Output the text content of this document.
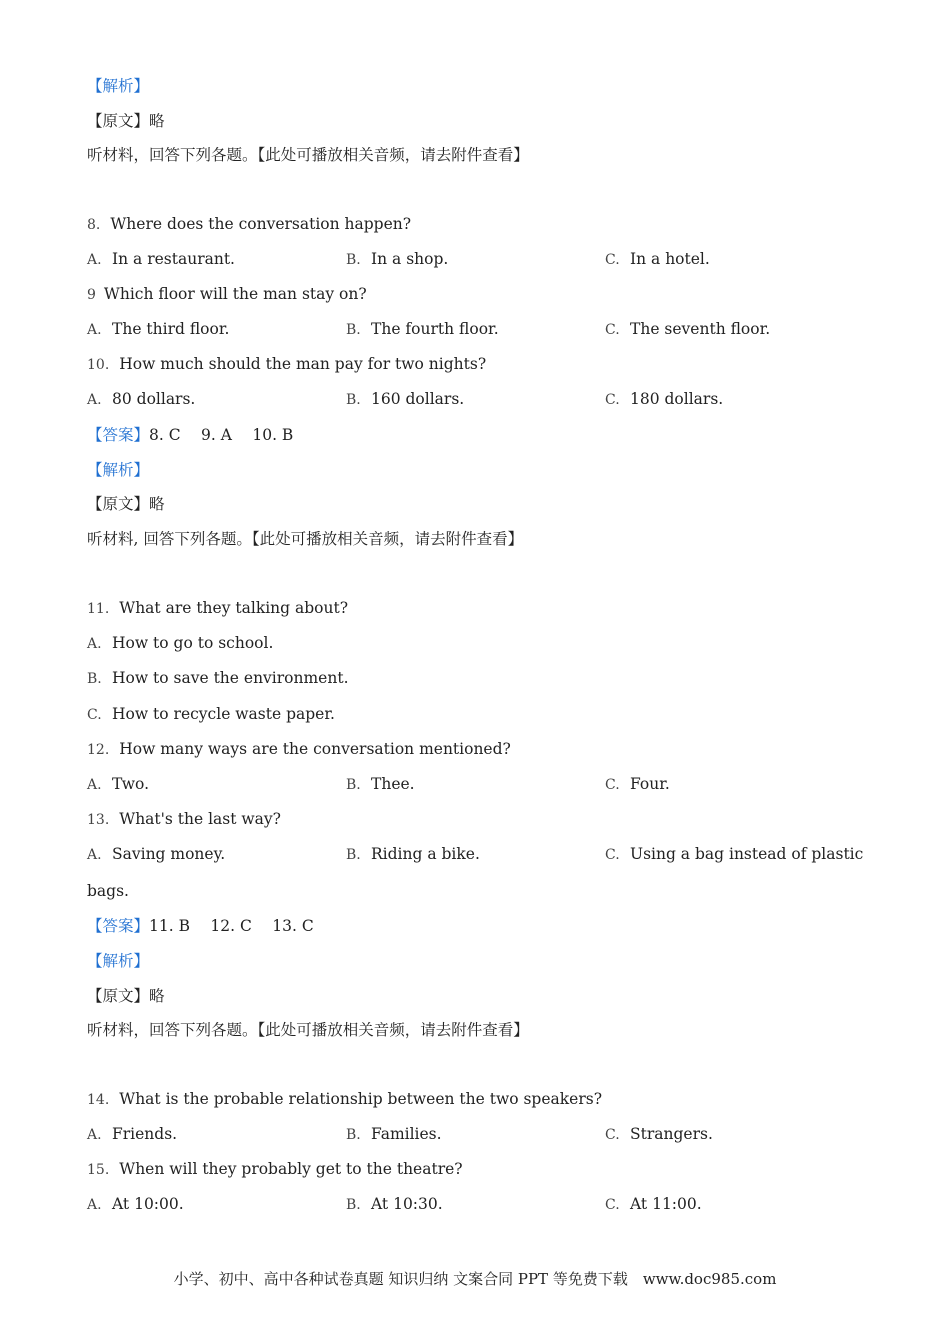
【解析】
【原文】略
听材料，回答下列各题。【此处可播放相关音频，请去附件查看】
8. Where does the conversation happen?
A. In a restaurant.	B. In a shop.	C. In a hotel.
9 Which floor will the man stay on?
A. The third floor.	B. The fourth floor.	C. The seventh floor.
10. How much should the man pay for two nights?
A. 80 dollars.	B. 160 dollars.	C. 180 dollars.
【答案】8. C　 9. A　 10. B
【解析】
【原文】略
听材料, 回答下列各题。【此处可播放相关音频，请去附件查看】
11. What are they talking about?
A. How to go to school.
B. How to save the environment.
C. How to recycle waste paper.
12. How many ways are the conversation mentioned?
A. Two.	B. Thee.	C. Four.
13. What's the last way?
A. Saving money.	B. Riding a bike.	C. Using a bag instead of plastic
bags.
【答案】11. B　 12. C　 13. C
【解析】
【原文】略
听材料，回答下列各题。【此处可播放相关音频，请去附件查看】
14. What is the probable relationship between the two speakers?
A. Friends.	B. Families.	C. Strangers.
15. When will they probably get to the theatre?
A. At 10:00.	B. At 10:30.	C. At 11:00.
小学、初中、高中各种试卷真题 知识归纳 文案合同 PPT 等免费下载　www.doc985.com
